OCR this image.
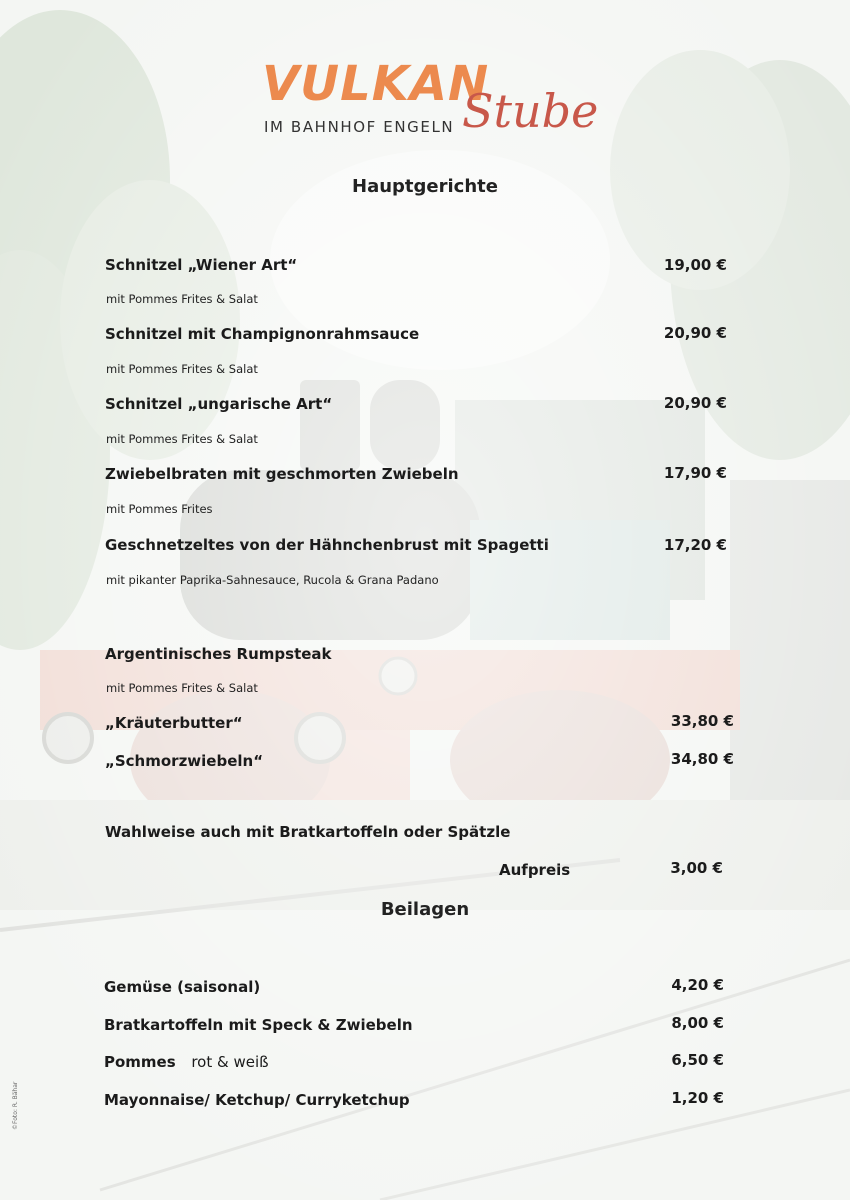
VULKAN
IM BAHNHOF ENGELN Stube
Hauptgerichte
Schnitzel „Wiener Art“	19,00 €
mit Pommes Frites & Salat
Schnitzel mit Champignonrahmsauce	20,90 €
mit Pommes Frites & Salat
Schnitzel „ungarische Art“	20,90 €
mit Pommes Frites & Salat
Zwiebelbraten mit geschmorten Zwiebeln	17,90 €
mit Pommes Frites
Geschnetzeltes von der Hähnchenbrust mit Spagetti	17,20 €
mit pikanter Paprika-Sahnesauce, Rucola & Grana Padano
Argentinisches Rumpsteak
mit Pommes Frites & Salat
„Kräuterbutter“	33,80 €
„Schmorzwiebeln“	34,80 €
Wahlweise auch mit Bratkartoffeln oder Spätzle
Aufpreis	3,00 €
Beilagen
Gemüse (saisonal)	4,20 €
Bratkartoffeln mit Speck & Zwiebeln	8,00 €
Pommes rot & weiß	6,50 €
Mayonnaise/ Ketchup/ Curryketchup	1,20 €
©Foto: R. Bähar
